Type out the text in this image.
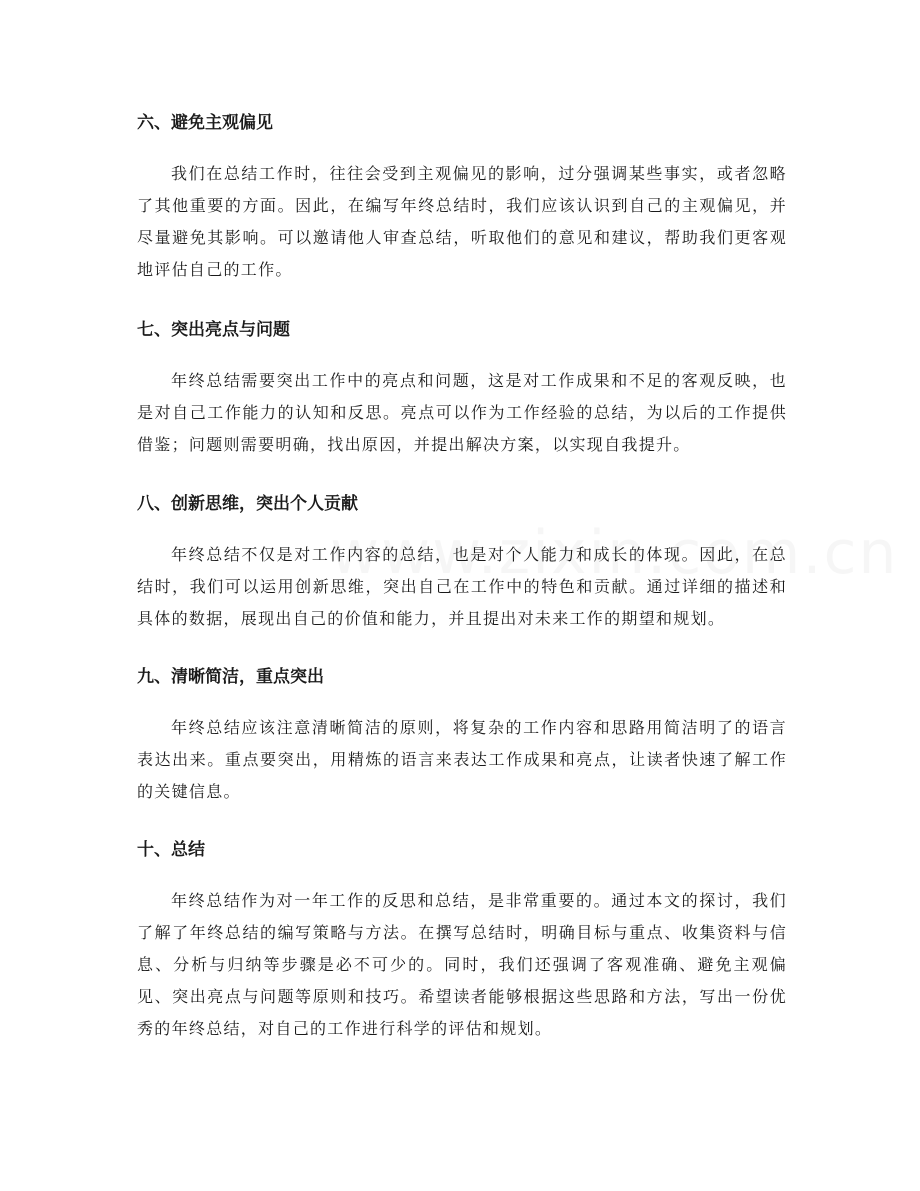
六、避免主观偏见
我们在总结工作时，往往会受到主观偏见的影响，过分强调某些事实，或者忽略了其他重要的方面。因此，在编写年终总结时，我们应该认识到自己的主观偏见，并尽量避免其影响。可以邀请他人审查总结，听取他们的意见和建议，帮助我们更客观地评估自己的工作。
七、突出亮点与问题
年终总结需要突出工作中的亮点和问题，这是对工作成果和不足的客观反映，也是对自己工作能力的认知和反思。亮点可以作为工作经验的总结，为以后的工作提供借鉴；问题则需要明确，找出原因，并提出解决方案，以实现自我提升。
八、创新思维，突出个人贡献
年终总结不仅是对工作内容的总结，也是对个人能力和成长的体现。因此，在总结时，我们可以运用创新思维，突出自己在工作中的特色和贡献。通过详细的描述和具体的数据，展现出自己的价值和能力，并且提出对未来工作的期望和规划。
九、清晰简洁，重点突出
年终总结应该注意清晰简洁的原则，将复杂的工作内容和思路用简洁明了的语言表达出来。重点要突出，用精炼的语言来表达工作成果和亮点，让读者快速了解工作的关键信息。
十、总结
年终总结作为对一年工作的反思和总结，是非常重要的。通过本文的探讨，我们了解了年终总结的编写策略与方法。在撰写总结时，明确目标与重点、收集资料与信息、分析与归纳等步骤是必不可少的。同时，我们还强调了客观准确、避免主观偏见、突出亮点与问题等原则和技巧。希望读者能够根据这些思路和方法，写出一份优秀的年终总结，对自己的工作进行科学的评估和规划。
